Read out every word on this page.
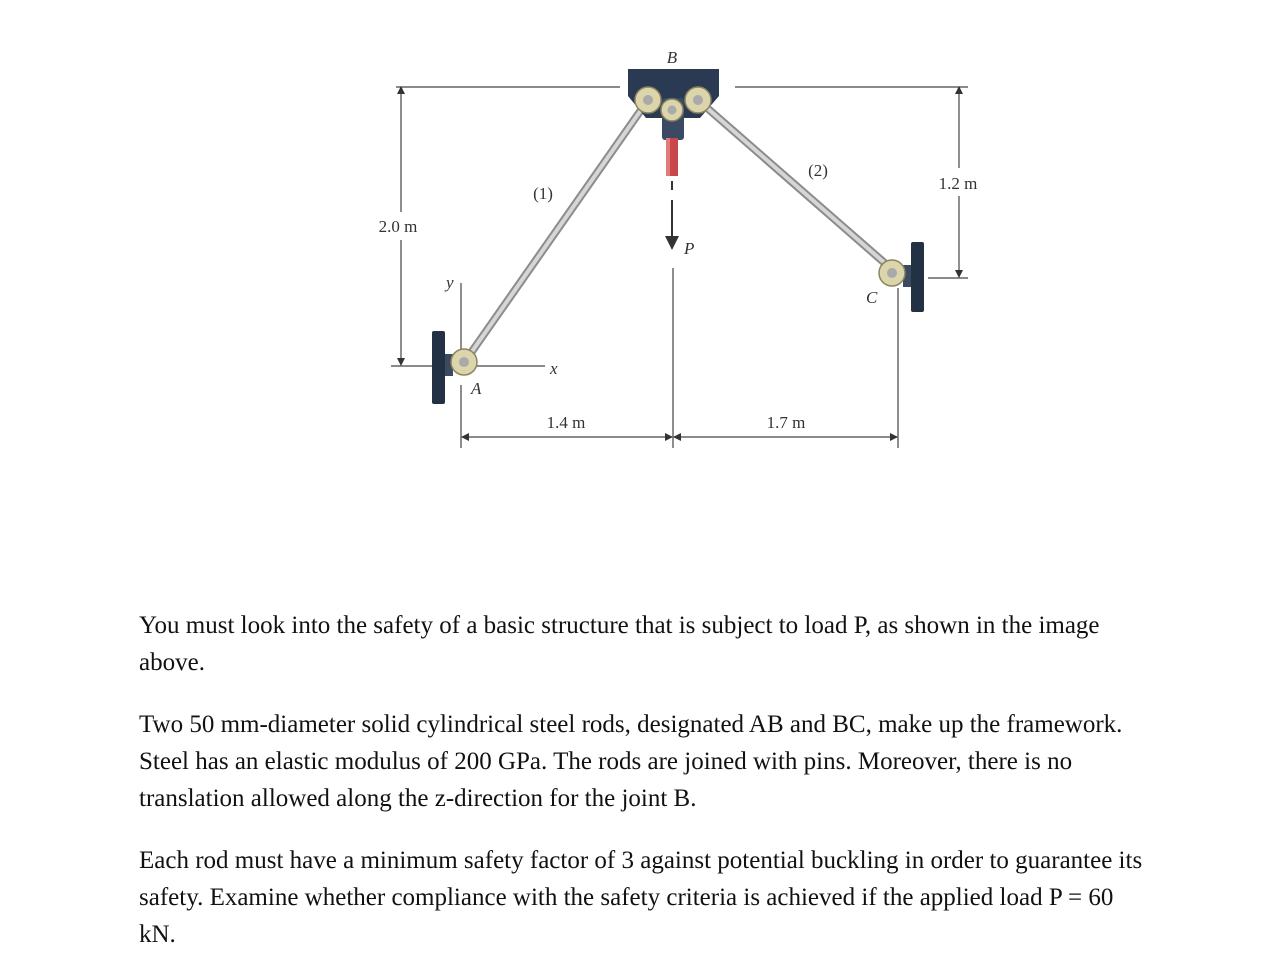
B
A
C
P
(1)
(2)
x
y
2.0 m
1.2 m
1.4 m	1.7 m

You must look into the safety of a basic structure that is subject to load P, as shown in the image above.

Two 50 mm-diameter solid cylindrical steel rods, designated AB and BC, make up the framework. Steel has an elastic modulus of 200 GPa. The rods are joined with pins. Moreover, there is no translation allowed along the z-direction for the joint B.

Each rod must have a minimum safety factor of 3 against potential buckling in order to guarantee its safety. Examine whether compliance with the safety criteria is achieved if the applied load P = 60 kN.
